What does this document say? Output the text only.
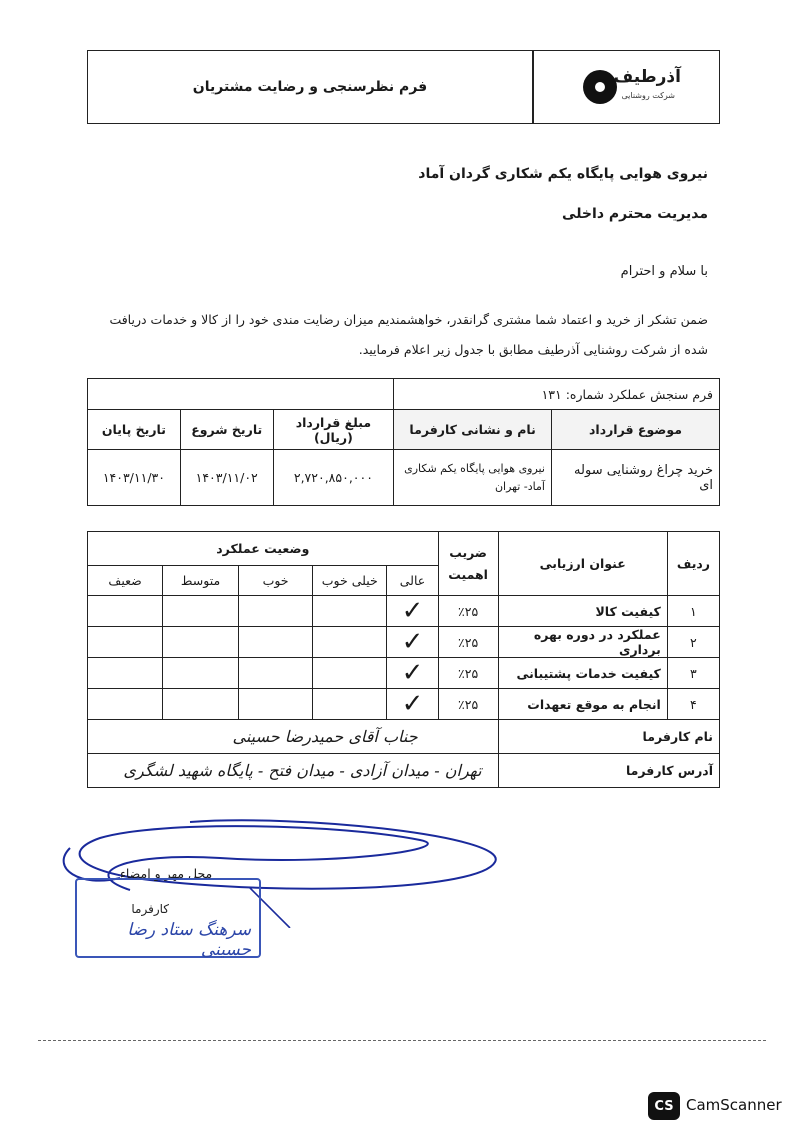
فرم نظرسنجی و رضایت مشتریان	آذرطیف
شرکت روشنایی
نیروی هوایی پایگاه یکم شکاری گردان آماد
مدیریت محترم داخلی
با سلام و احترام
ضمن تشکر از خرید و اعتماد شما مشتری گرانقدر، خواهشمندیم میزان رضایت مندی خود را از کالا و خدمات دریافت
شده از شرکت روشنایی آذرطیف مطابق با جدول زیر اعلام فرمایید.
فرم سنجش عملکرد شماره: ۱۳۱				
موضوع قرارداد	نام و نشانی کارفرما	مبلغ قرارداد (ریال)	تاریخ شروع	تاریخ پایان
خرید چراغ روشنایی سوله ای	نیروی هوایی پایگاه یکم شکاری
آماد- تهران	۲,۷۲۰,۸۵۰,۰۰۰	۱۴۰۳/۱۱/۰۲	۱۴۰۳/۱۱/۳۰
ردیف	عنوان ارزیابی	ضریب اهمیت	وضعیت عملکرد				
			عالی	خیلی خوب	خوب	متوسط	ضعیف
۱	کیفیت کالا	٪۲۵	✓				
۲	عملکرد در دوره بهره برداری	٪۲۵	✓				
۳	کیفیت خدمات پشتیبانی	٪۲۵	✓				
۴	انجام به موقع تعهدات	٪۲۵	✓				
نام کارفرما		جناب آقای حمیدرضا حسینی					
آدرس کارفرما		تهران - میدان آزادی - میدان فتح - پایگاه شهید لشگری					
محل مهر و امضاء
کارفرما
سرهنگ ستاد رضا حسینی
CS CamScanner
